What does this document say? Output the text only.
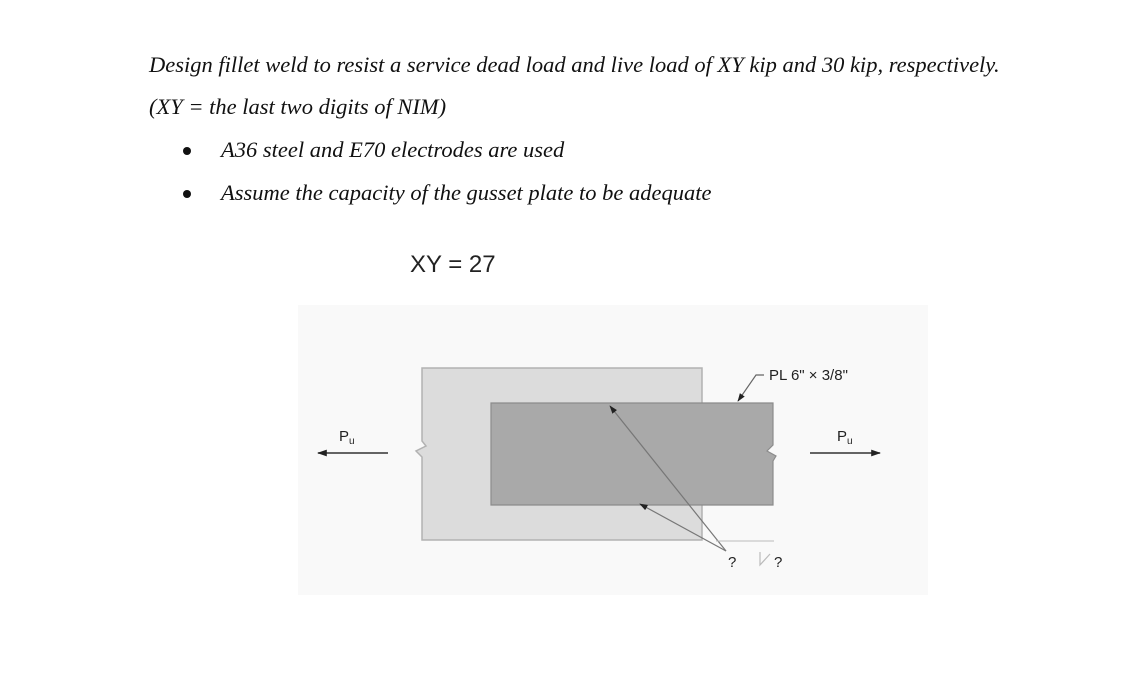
Design fillet weld to resist a service dead load and live load of XY kip and 30 kip, respectively.
(XY = the last two digits of NIM)
A36 steel and E70 electrodes are used
Assume the capacity of the gusset plate to be adequate
XY = 27
?	?
PL 6" × 3/8"
$P_u$	$P_u$
